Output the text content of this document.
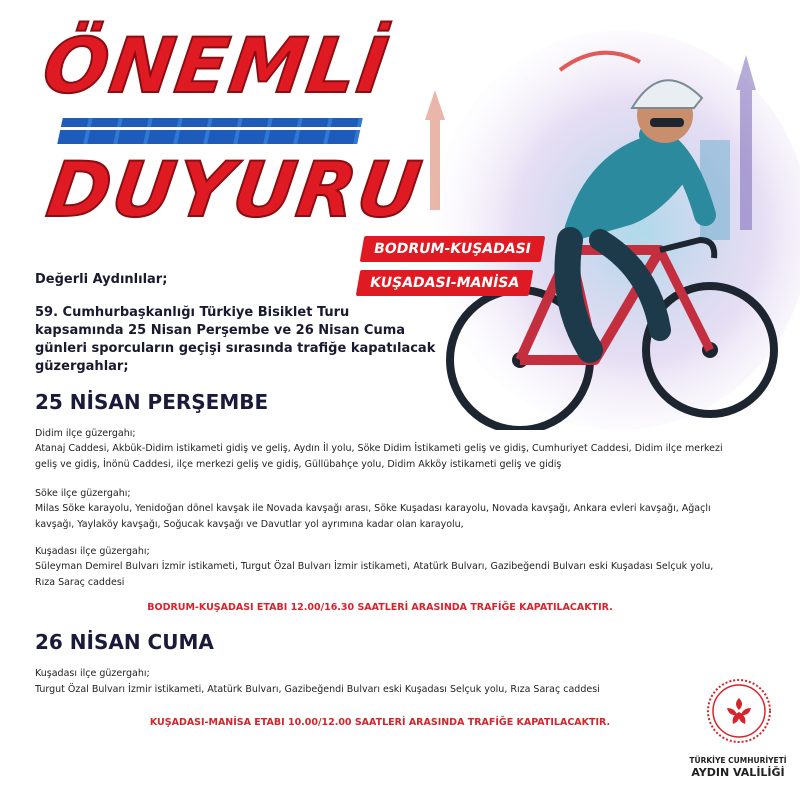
ÖNEMLİ
DUYURU
BODRUM-KUŞADASI
KUŞADASI-MANİSA

Değerli Aydınlılar;

59. Cumhurbaşkanlığı Türkiye Bisiklet Turu
kapsamında 25 Nisan Perşembe ve 26 Nisan Cuma
günleri sporcuların geçişi sırasında trafiğe kapatılacak güzergahlar;
25 NİSAN PERŞEMBE
Didim ilçe güzergahı;
Atanaj Caddesi, Akbük-Didim istikameti gidiş ve geliş, Aydın İl yolu, Söke Didim İstikameti geliş ve gidiş, Cumhuriyet Caddesi, Didim ilçe merkezi
geliş ve gidiş, İnönü Caddesi, ilçe merkezi geliş ve gidiş, Güllübahçe yolu, Didim Akköy istikameti geliş ve gidiş
Söke ilçe güzergahı;
Milas Söke karayolu, Yenidoğan dönel kavşak ile Novada kavşağı arası, Söke Kuşadası karayolu, Novada kavşağı, Ankara evleri kavşağı, Ağaçlı
kavşağı, Yaylaköy kavşağı, Soğucak kavşağı ve Davutlar yol ayrımına kadar olan karayolu,
Kuşadası ilçe güzergahı;
Süleyman Demirel Bulvarı İzmir istikameti, Turgut Özal Bulvarı İzmir istikameti, Atatürk Bulvarı, Gazibeğendi Bulvarı eski Kuşadası Selçuk yolu,
Rıza Saraç caddesi
BODRUM-KUŞADASI ETABI 12.00/16.30 SAATLERİ ARASINDA TRAFİĞE KAPATILACAKTIR.
26 NİSAN CUMA
Kuşadası ilçe güzergahı;
Turgut Özal Bulvarı İzmir istikameti, Atatürk Bulvarı, Gazibeğendi Bulvarı eski Kuşadası Selçuk yolu, Rıza Saraç caddesi
KUŞADASI-MANİSA ETABI 10.00/12.00 SAATLERİ ARASINDA TRAFİĞE KAPATILACAKTIR.
TÜRKİYE CUMHURİYETİ
AYDIN VALİLİĞİ
